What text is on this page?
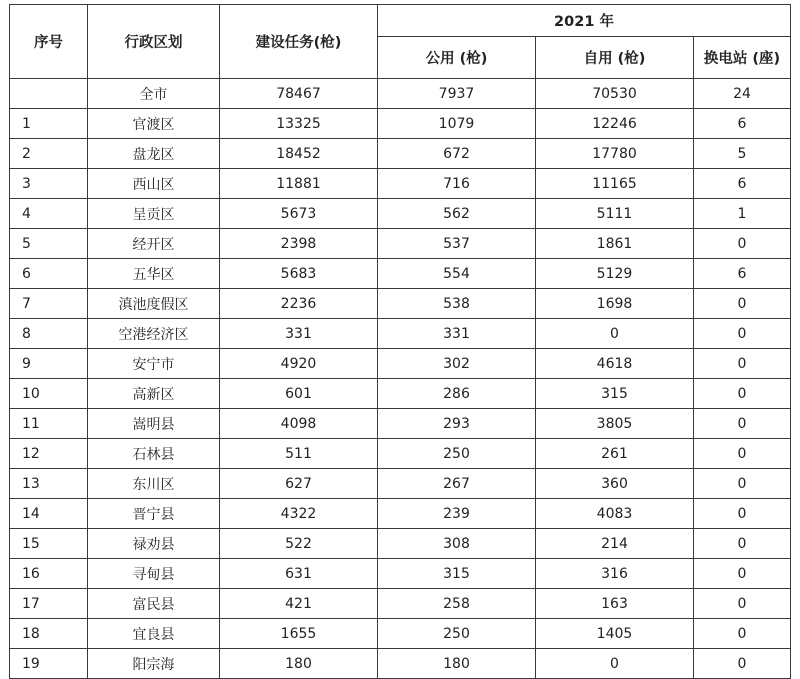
序号	行政区划	建设任务(枪)	2021 年		
			公用 (枪)	自用 (枪)	换电站 (座)
	全市	78467	7937	70530	24
1	官渡区	13325	1079	12246	6
2	盘龙区	18452	672	17780	5
3	西山区	11881	716	11165	6
4	呈贡区	5673	562	5111	1
5	经开区	2398	537	1861	0
6	五华区	5683	554	5129	6
7	滇池度假区	2236	538	1698	0
8	空港经济区	331	331	0	0
9	安宁市	4920	302	4618	0
10	高新区	601	286	315	0
11	嵩明县	4098	293	3805	0
12	石林县	511	250	261	0
13	东川区	627	267	360	0
14	晋宁县	4322	239	4083	0
15	禄劝县	522	308	214	0
16	寻甸县	631	315	316	0
17	富民县	421	258	163	0
18	宜良县	1655	250	1405	0
19	阳宗海	180	180	0	0
